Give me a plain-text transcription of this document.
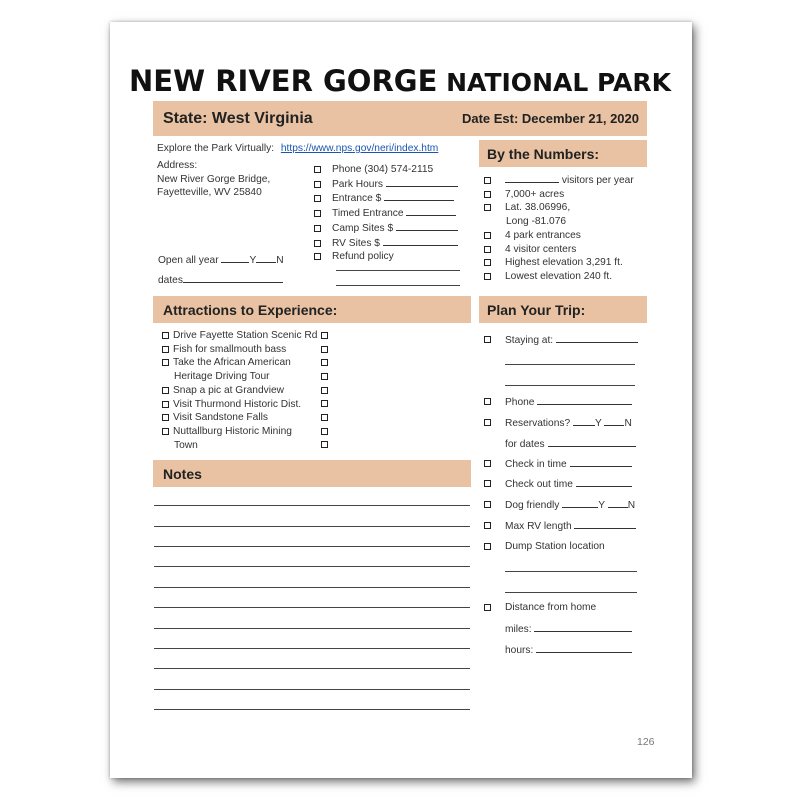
NEW RIVER GORGE NATIONAL PARK
State: West Virginia	Date Est: December 21, 2020
Explore the Park Virtually: https://www.nps.gov/neri/index.htm
Address:
New River Gorge Bridge,
Fayetteville, WV 25840
Open all year	Y N
dates
Phone (304) 574-2115
Park Hours
Entrance $
Timed Entrance
Camp Sites $
RV Sites $
Refund policy
By the Numbers:
visitors per year
7,000+ acres
Lat. 38.06996,
Long -81.076
4 park entrances
4 visitor centers
Highest elevation 3,291 ft.
Lowest elevation 240 ft.
Attractions to Experience:
Drive Fayette Station Scenic Rd
Fish for smallmouth bass
Take the African American
Heritage Driving Tour
Snap a pic at Grandview
Visit Thurmond Historic Dist.
Visit Sandstone Falls
Nuttallburg Historic Mining
Town
Notes
Plan Your Trip:
Staying at:
Phone
Reservations? Y N
for dates
Check in time
Check out time
Dog friendly	Y N
Max RV length
Dump Station location
Distance from home
miles:
hours:
126
